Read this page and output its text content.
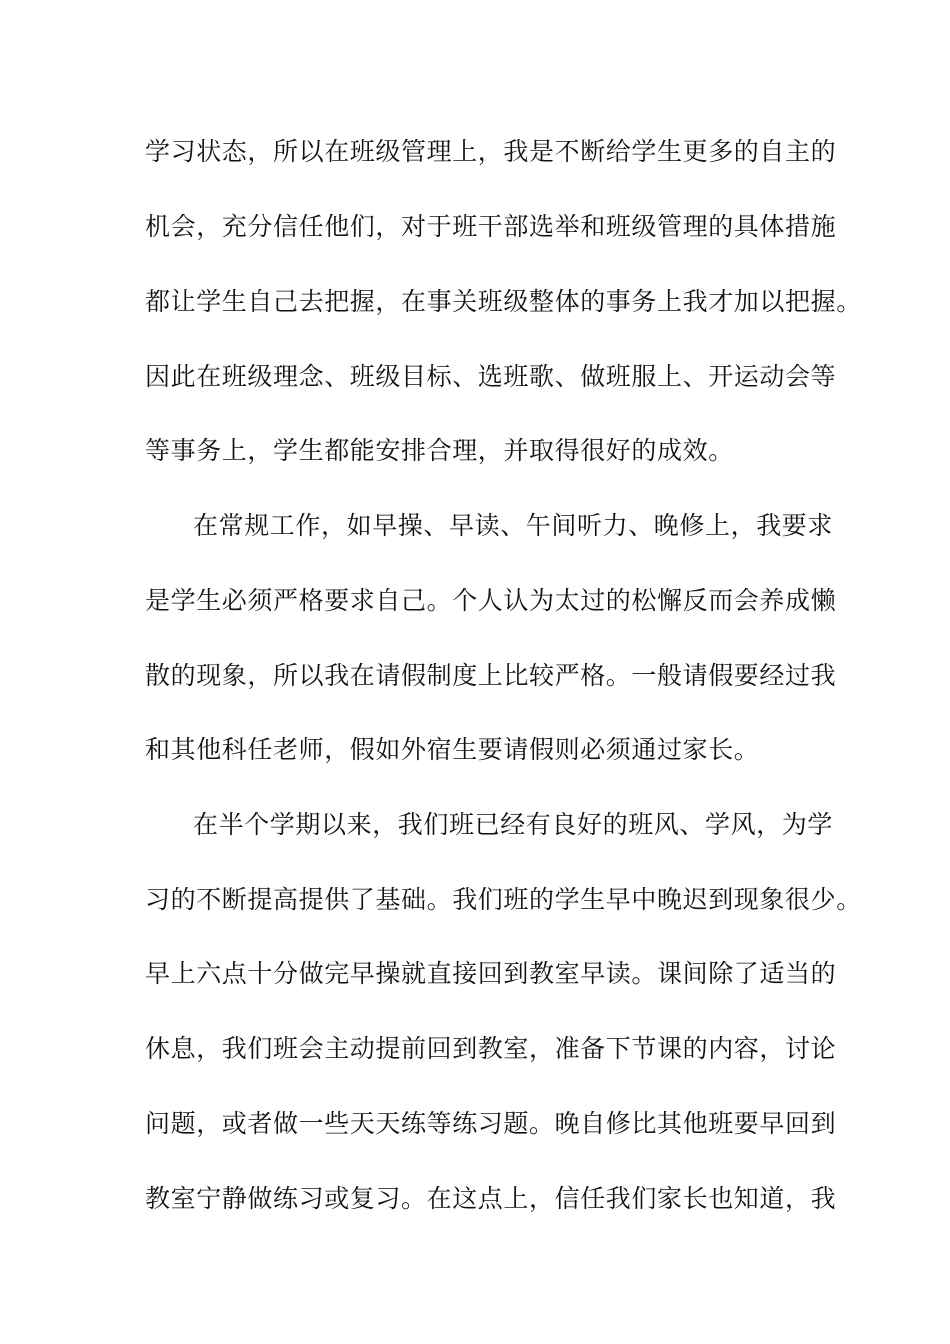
学习状态，所以在班级管理上，我是不断给学生更多的自主的
机会，充分信任他们，对于班干部选举和班级管理的具体措施
都让学生自己去把握，在事关班级整体的事务上我才加以把握。
因此在班级理念、班级目标、选班歌、做班服上、开运动会等
等事务上，学生都能安排合理，并取得很好的成效。
在常规工作，如早操、早读、午间听力、晚修上，我要求
是学生必须严格要求自己。个人认为太过的松懈反而会养成懒
散的现象，所以我在请假制度上比较严格。一般请假要经过我
和其他科任老师，假如外宿生要请假则必须通过家长。
在半个学期以来，我们班已经有良好的班风、学风，为学
习的不断提高提供了基础。我们班的学生早中晚迟到现象很少。
早上六点十分做完早操就直接回到教室早读。课间除了适当的
休息，我们班会主动提前回到教室，准备下节课的内容，讨论
问题，或者做一些天天练等练习题。晚自修比其他班要早回到
教室宁静做练习或复习。在这点上，信任我们家长也知道，我
